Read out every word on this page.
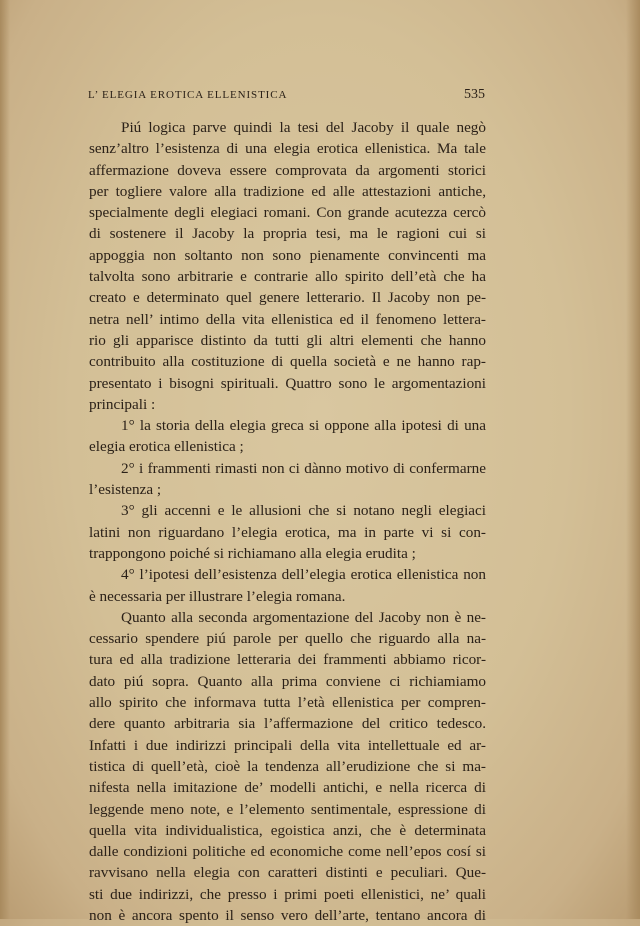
L’ ELEGIA EROTICA ELLENISTICA	535
Piú logica parve quindi la tesi del Jacoby il quale negò
senz’altro l’esistenza di una elegia erotica ellenistica. Ma tale
affermazione doveva essere comprovata da argomenti storici
per togliere valore alla tradizione ed alle attestazioni antiche,
specialmente degli elegiaci romani. Con grande acutezza cercò
di sostenere il Jacoby la propria tesi, ma le ragioni cui si
appoggia non soltanto non sono pienamente convincenti ma
talvolta sono arbitrarie e contrarie allo spirito dell’età che ha
creato e determinato quel genere letterario. Il Jacoby non pe-
netra nell’ intimo della vita ellenistica ed il fenomeno lettera-
rio gli apparisce distinto da tutti gli altri elementi che hanno
contribuito alla costituzione di quella società e ne hanno rap-
presentato i bisogni spirituali. Quattro sono le argomentazioni
principali :
1° la storia della elegia greca si oppone alla ipotesi di una
elegia erotica ellenistica ;
2° i frammenti rimasti non ci dànno motivo di confermarne
l’esistenza ;
3° gli accenni e le allusioni che si notano negli elegiaci
latini non riguardano l’elegia erotica, ma in parte vi si con-
trappongono poiché si richiamano alla elegia erudita ;
4° l’ipotesi dell’esistenza dell’elegia erotica ellenistica non
è necessaria per illustrare l’elegia romana.
Quanto alla seconda argomentazione del Jacoby non è ne-
cessario spendere piú parole per quello che riguardo alla na-
tura ed alla tradizione letteraria dei frammenti abbiamo ricor-
dato piú sopra. Quanto alla prima conviene ci richiamiamo
allo spirito che informava tutta l’età ellenistica per compren-
dere quanto arbitraria sia l’affermazione del critico tedesco.
Infatti i due indirizzi principali della vita intellettuale ed ar-
tistica di quell’età, cioè la tendenza all’erudizione che si ma-
nifesta nella imitazione de’ modelli antichi, e nella ricerca di
leggende meno note, e l’elemento sentimentale, espressione di
quella vita individualistica, egoistica anzi, che è determinata
dalle condizioni politiche ed economiche come nell’epos cosí si
ravvisano nella elegia con caratteri distinti e peculiari. Que-
sti due indirizzi, che presso i primi poeti ellenistici, ne’ quali
non è ancora spento il senso vero dell’arte, tentano ancora di
